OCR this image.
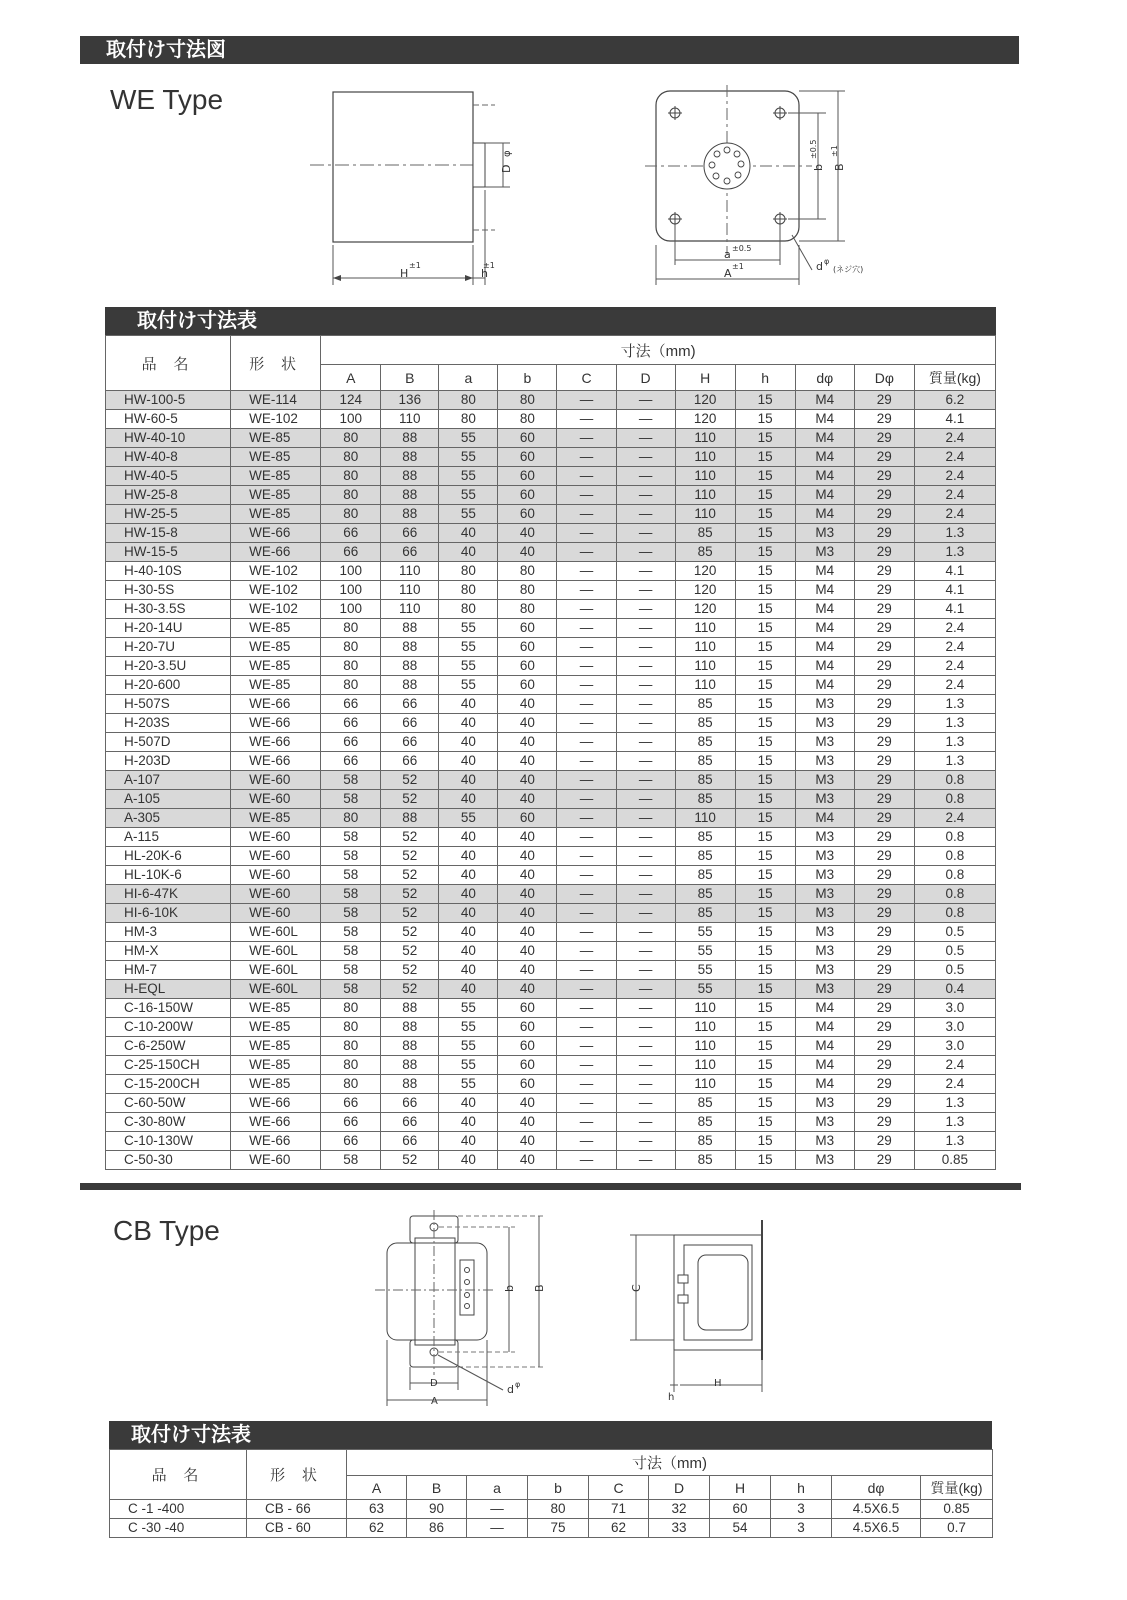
取付け寸法図
WE Type
D
φ
H
±1
h
±1
b
±0.5
B
±1
a ±0.5
A
±1	d φ
(ネジ穴)
取付け寸法表
品 名	形 状	寸法（mm)										
		A	B	a	b	C	D	H	h	dφ	Dφ	質量(kg)
HW-100-5	WE-114	124	136	80	80	—	—	120	15	M4	29	6.2
HW-60-5	WE-102	100	110	80	80	—	—	120	15	M4	29	4.1
HW-40-10	WE-85	80	88	55	60	—	—	110	15	M4	29	2.4
HW-40-8	WE-85	80	88	55	60	—	—	110	15	M4	29	2.4
HW-40-5	WE-85	80	88	55	60	—	—	110	15	M4	29	2.4
HW-25-8	WE-85	80	88	55	60	—	—	110	15	M4	29	2.4
HW-25-5	WE-85	80	88	55	60	—	—	110	15	M4	29	2.4
HW-15-8	WE-66	66	66	40	40	—	—	85	15	M3	29	1.3
HW-15-5	WE-66	66	66	40	40	—	—	85	15	M3	29	1.3
H-40-10S	WE-102	100	110	80	80	—	—	120	15	M4	29	4.1
H-30-5S	WE-102	100	110	80	80	—	—	120	15	M4	29	4.1
H-30-3.5S	WE-102	100	110	80	80	—	—	120	15	M4	29	4.1
H-20-14U	WE-85	80	88	55	60	—	—	110	15	M4	29	2.4
H-20-7U	WE-85	80	88	55	60	—	—	110	15	M4	29	2.4
H-20-3.5U	WE-85	80	88	55	60	—	—	110	15	M4	29	2.4
H-20-600	WE-85	80	88	55	60	—	—	110	15	M4	29	2.4
H-507S	WE-66	66	66	40	40	—	—	85	15	M3	29	1.3
H-203S	WE-66	66	66	40	40	—	—	85	15	M3	29	1.3
H-507D	WE-66	66	66	40	40	—	—	85	15	M3	29	1.3
H-203D	WE-66	66	66	40	40	—	—	85	15	M3	29	1.3
A-107	WE-60	58	52	40	40	—	—	85	15	M3	29	0.8
A-105	WE-60	58	52	40	40	—	—	85	15	M3	29	0.8
A-305	WE-85	80	88	55	60	—	—	110	15	M4	29	2.4
A-115	WE-60	58	52	40	40	—	—	85	15	M3	29	0.8
HL-20K-6	WE-60	58	52	40	40	—	—	85	15	M3	29	0.8
HL-10K-6	WE-60	58	52	40	40	—	—	85	15	M3	29	0.8
HI-6-47K	WE-60	58	52	40	40	—	—	85	15	M3	29	0.8
HI-6-10K	WE-60	58	52	40	40	—	—	85	15	M3	29	0.8
HM-3	WE-60L	58	52	40	40	—	—	55	15	M3	29	0.5
HM-X	WE-60L	58	52	40	40	—	—	55	15	M3	29	0.5
HM-7	WE-60L	58	52	40	40	—	—	55	15	M3	29	0.5
H-EQL	WE-60L	58	52	40	40	—	—	55	15	M3	29	0.4
C-16-150W	WE-85	80	88	55	60	—	—	110	15	M4	29	3.0
C-10-200W	WE-85	80	88	55	60	—	—	110	15	M4	29	3.0
C-6-250W	WE-85	80	88	55	60	—	—	110	15	M4	29	3.0
C-25-150CH	WE-85	80	88	55	60	—	—	110	15	M4	29	2.4
C-15-200CH	WE-85	80	88	55	60	—	—	110	15	M4	29	2.4
C-60-50W	WE-66	66	66	40	40	—	—	85	15	M3	29	1.3
C-30-80W	WE-66	66	66	40	40	—	—	85	15	M3	29	1.3
C-10-130W	WE-66	66	66	40	40	—	—	85	15	M3	29	1.3
C-50-30	WE-60	58	52	40	40	—	—	85	15	M3	29	0.85
CB Type
b B
D
A
d φ
C
H
h
取付け寸法表
品 名	形 状	寸法（mm)									
		A	B	a	b	C	D	H	h	dφ	質量(kg)
C -1 -400	CB - 66	63	90	—	80	71	32	60	3	4.5X6.5	0.85
C -30 -40	CB - 60	62	86	—	75	62	33	54	3	4.5X6.5	0.7
